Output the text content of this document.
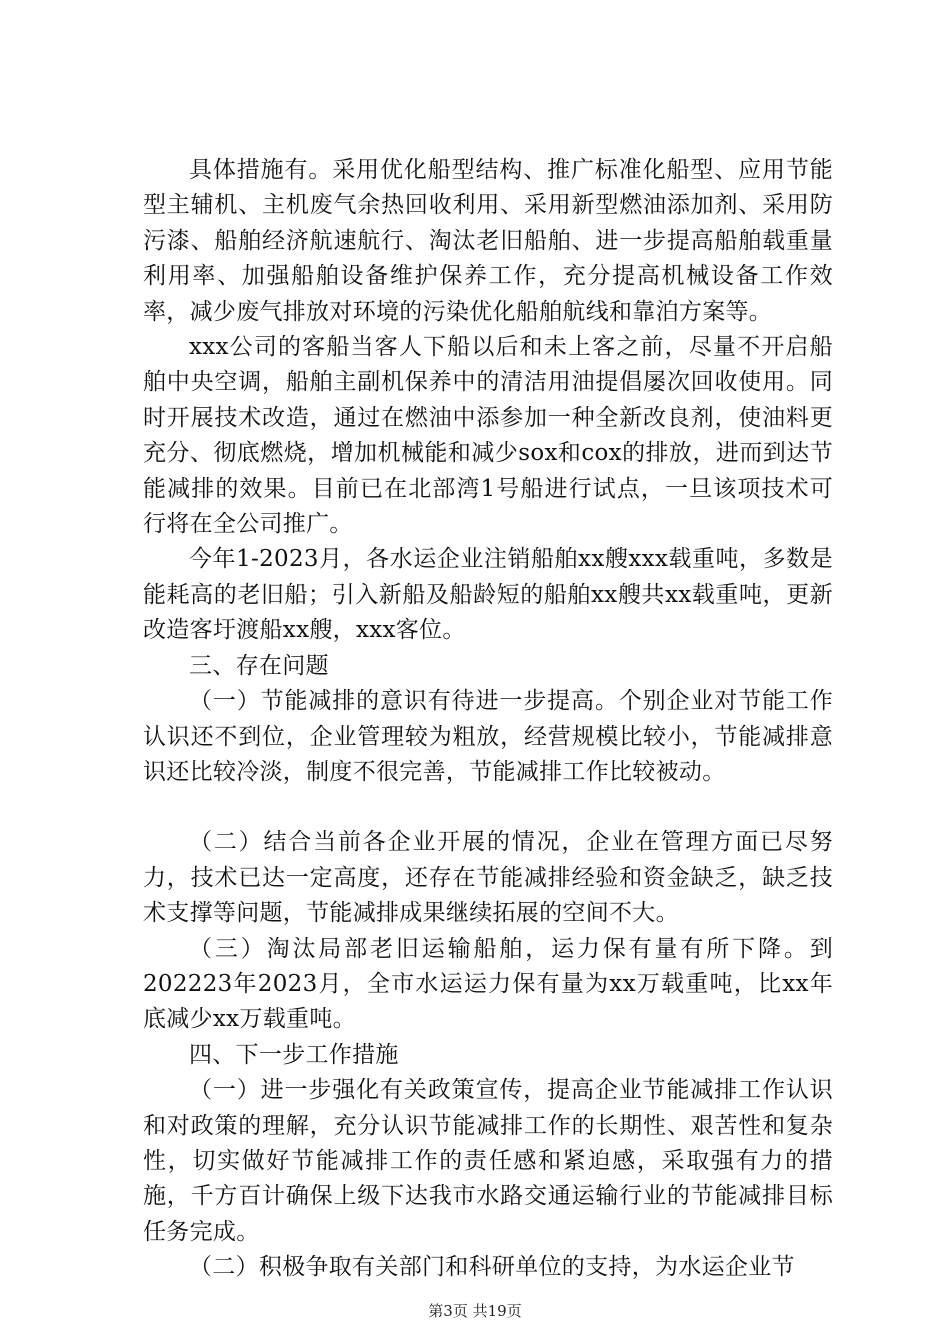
具体措施有。采用优化船型结构、推广标准化船型、应用节能型主辅机、主机废气余热回收利用、采用新型燃油添加剂、采用防污漆、船舶经济航速航行、淘汰老旧船舶、进一步提高船舶载重量利用率、加强船舶设备维护保养工作，充分提高机械设备工作效率，减少废气排放对环境的污染优化船舶航线和靠泊方案等。

xxx公司的客船当客人下船以后和未上客之前，尽量不开启船舶中央空调，船舶主副机保养中的清洁用油提倡屡次回收使用。同时开展技术改造，通过在燃油中添参加一种全新改良剂，使油料更充分、彻底燃烧，增加机械能和减少sox和cox的排放，进而到达节能减排的效果。目前已在北部湾1号船进行试点，一旦该项技术可行将在全公司推广。

今年1-2023月，各水运企业注销船舶xx艘xxx载重吨，多数是能耗高的老旧船；引入新船及船龄短的船舶xx艘共xx载重吨，更新改造客圩渡船xx艘，xxx客位。

三、存在问题

（一）节能减排的意识有待进一步提高。个别企业对节能工作认识还不到位，企业管理较为粗放，经营规模比较小，节能减排意识还比较冷淡，制度不很完善，节能减排工作比较被动。

（二）结合当前各企业开展的情况，企业在管理方面已尽努力，技术已达一定高度，还存在节能减排经验和资金缺乏，缺乏技术支撑等问题，节能减排成果继续拓展的空间不大。

（三）淘汰局部老旧运输船舶，运力保有量有所下降。到202223年2023月，全市水运运力保有量为xx万载重吨，比xx年底减少xx万载重吨。

四、下一步工作措施

（一）进一步强化有关政策宣传，提高企业节能减排工作认识和对政策的理解，充分认识节能减排工作的长期性、艰苦性和复杂性，切实做好节能减排工作的责任感和紧迫感，采取强有力的措施，千方百计确保上级下达我市水路交通运输行业的节能减排目标任务完成。

（二）积极争取有关部门和科研单位的支持，为水运企业节

第3页 共19页
